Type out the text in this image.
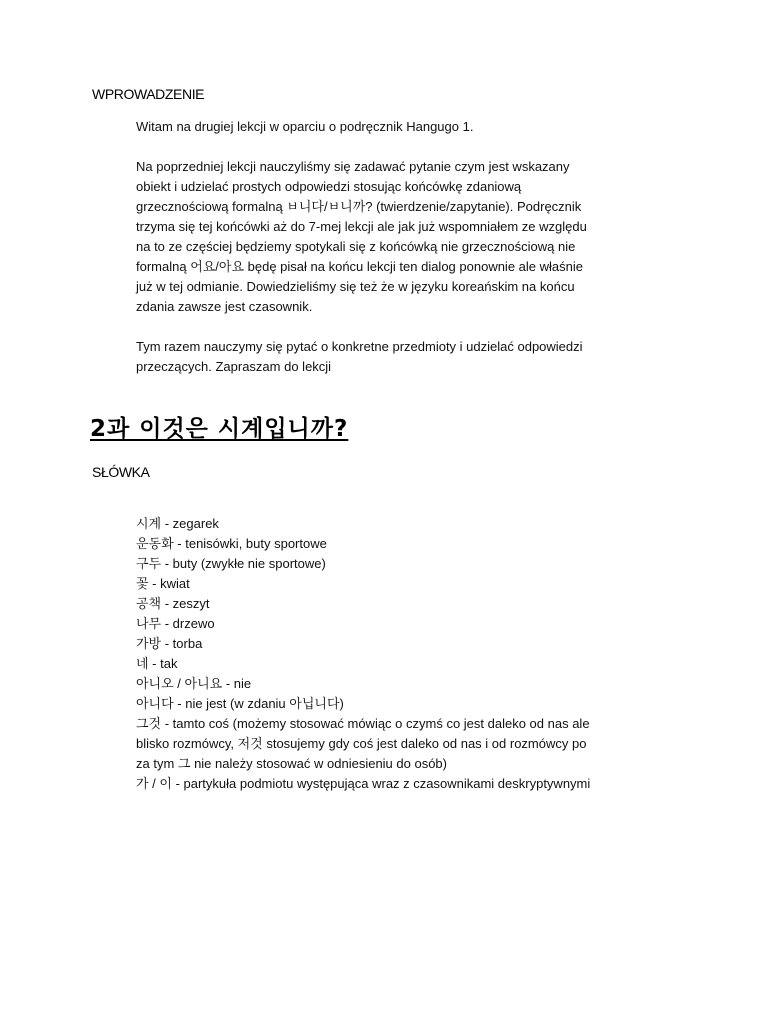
WPROWADZENIE

Witam na drugiej lekcji w oparciu o podręcznik Hangugo 1.

Na poprzedniej lekcji nauczyliśmy się zadawać pytanie czym jest wskazany
obiekt i udzielać prostych odpowiedzi stosując końcówkę zdaniową
grzecznościową formalną ㅂ니다/ㅂ니까? (twierdzenie/zapytanie). Podręcznik
trzyma się tej końcówki aż do 7-mej lekcji ale jak już wspomniałem ze względu
na to ze częściej będziemy spotykali się z końcówką nie grzecznościową nie
formalną 어요/아요 będę pisał na końcu lekcji ten dialog ponownie ale właśnie
już w tej odmianie. Dowiedzieliśmy się też że w języku koreańskim na końcu
zdania zawsze jest czasownik.

Tym razem nauczymy się pytać o konkretne przedmioty i udzielać odpowiedzi
przeczących. Zapraszam do lekcji

2과 이것은 시계입니까?
SŁÓWKA

시계 - zegarek

운동화 - tenisówki, buty sportowe

구두 - buty (zwykłe nie sportowe)

꽃 - kwiat

공책 - zeszyt

나무 - drzewo

가방 - torba

네 - tak

아니오 / 아니요 - nie

아니다 - nie jest (w zdaniu 아닙니다)

그것 - tamto coś (możemy stosować mówiąc o czymś co jest daleko od nas ale
blisko rozmówcy, 저것 stosujemy gdy coś jest daleko od nas i od rozmówcy po
za tym 그 nie należy stosować w odniesieniu do osób)

가 / 이 - partykuła podmiotu występująca wraz z czasownikami deskryptywnymi
